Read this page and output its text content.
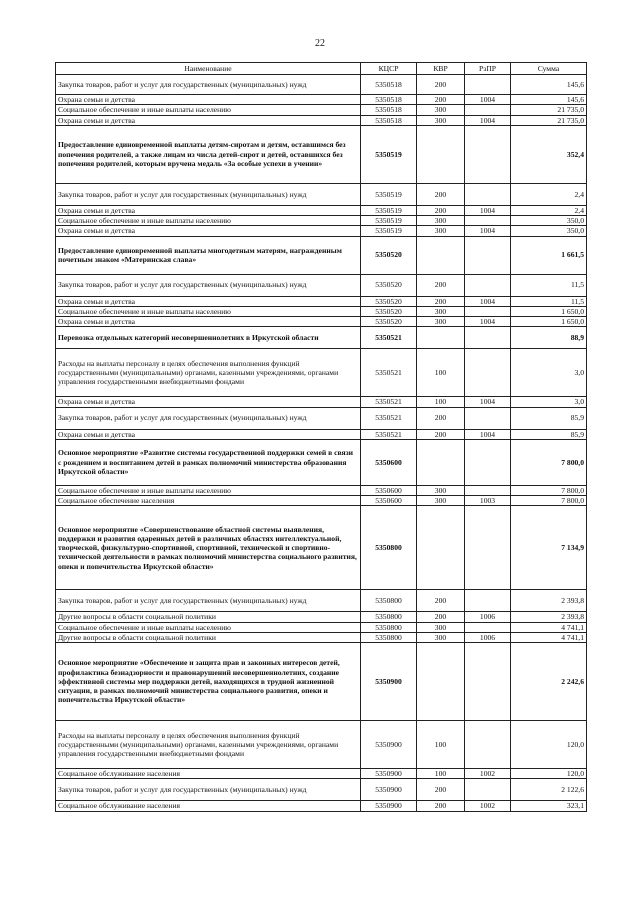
22
Наименование	КЦСР	КВР	РзПР	Сумма
Закупка товаров, работ и услуг для государственных (муниципальных) нужд	5350518	200		145,6
Охрана семьи и детства	5350518	200	1004	145,6
Социальное обеспечение и иные выплаты населению	5350518	300		21 735,0
Охрана семьи и детства	5350518	300	1004	21 735,0
Предоставление единовременной выплаты детям-сиротам и детям, оставшимся без попечения родителей, а также лицам из числа детей-сирот и детей, оставшихся без попечения родителей, которым вручена медаль «За особые успехи в учении»	5350519			352,4
Закупка товаров, работ и услуг для государственных (муниципальных) нужд	5350519	200		2,4
Охрана семьи и детства	5350519	200	1004	2,4
Социальное обеспечение и иные выплаты населению	5350519	300		350,0
Охрана семьи и детства	5350519	300	1004	350,0
Предоставление единовременной выплаты многодетным матерям, награжденным почетным знаком «Материнская слава»	5350520			1 661,5
Закупка товаров, работ и услуг для государственных (муниципальных) нужд	5350520	200		11,5
Охрана семьи и детства	5350520	200	1004	11,5
Социальное обеспечение и иные выплаты населению	5350520	300		1 650,0
Охрана семьи и детства	5350520	300	1004	1 650,0
Перевозка отдельных категорий несовершеннолетних в Иркутской области	5350521			88,9
Расходы на выплаты персоналу в целях обеспечения выполнения функций государственными (муниципальными) органами, казенными учреждениями, органами управления государственными внебюджетными фондами	5350521	100		3,0
Охрана семьи и детства	5350521	100	1004	3,0
Закупка товаров, работ и услуг для государственных (муниципальных) нужд	5350521	200		85,9
Охрана семьи и детства	5350521	200	1004	85,9
Основное мероприятие «Развитие системы государственной поддержки семей в связи с рождением и воспитанием детей в рамках полномочий министерства образования Иркутской области»	5350600			7 800,0
Социальное обеспечение и иные выплаты населению	5350600	300		7 800,0
Социальное обеспечение населения	5350600	300	1003	7 800,0
Основное мероприятие «Совершенствование областной системы выявления, поддержки и развития одаренных детей в различных областях интеллектуальной, творческой, физкультурно-спортивной, спортивной, технической и спортивно-технической деятельности в рамках полномочий министерства социального развития, опеки и попечительства Иркутской области»	5350800			7 134,9
Закупка товаров, работ и услуг для государственных (муниципальных) нужд	5350800	200		2 393,8
Другие вопросы в области социальной политики	5350800	200	1006	2 393,8
Социальное обеспечение и иные выплаты населению	5350800	300		4 741,1
Другие вопросы в области социальной политики	5350800	300	1006	4 741,1
Основное мероприятие «Обеспечение и защита прав и законных интересов детей, профилактика безнадзорности и правонарушений несовершеннолетних, создание эффективной системы мер поддержки детей, находящихся в трудной жизненной ситуации, в рамках полномочий министерства социального развития, опеки и попечительства Иркутской области»	5350900			2 242,6
Расходы на выплаты персоналу в целях обеспечения выполнения функций государственными (муниципальными) органами, казенными учреждениями, органами управления государственными внебюджетными фондами	5350900	100		120,0
Социальное обслуживание населения	5350900	100	1002	120,0
Закупка товаров, работ и услуг для государственных (муниципальных) нужд	5350900	200		2 122,6
Социальное обслуживание населения	5350900	200	1002	323,1
